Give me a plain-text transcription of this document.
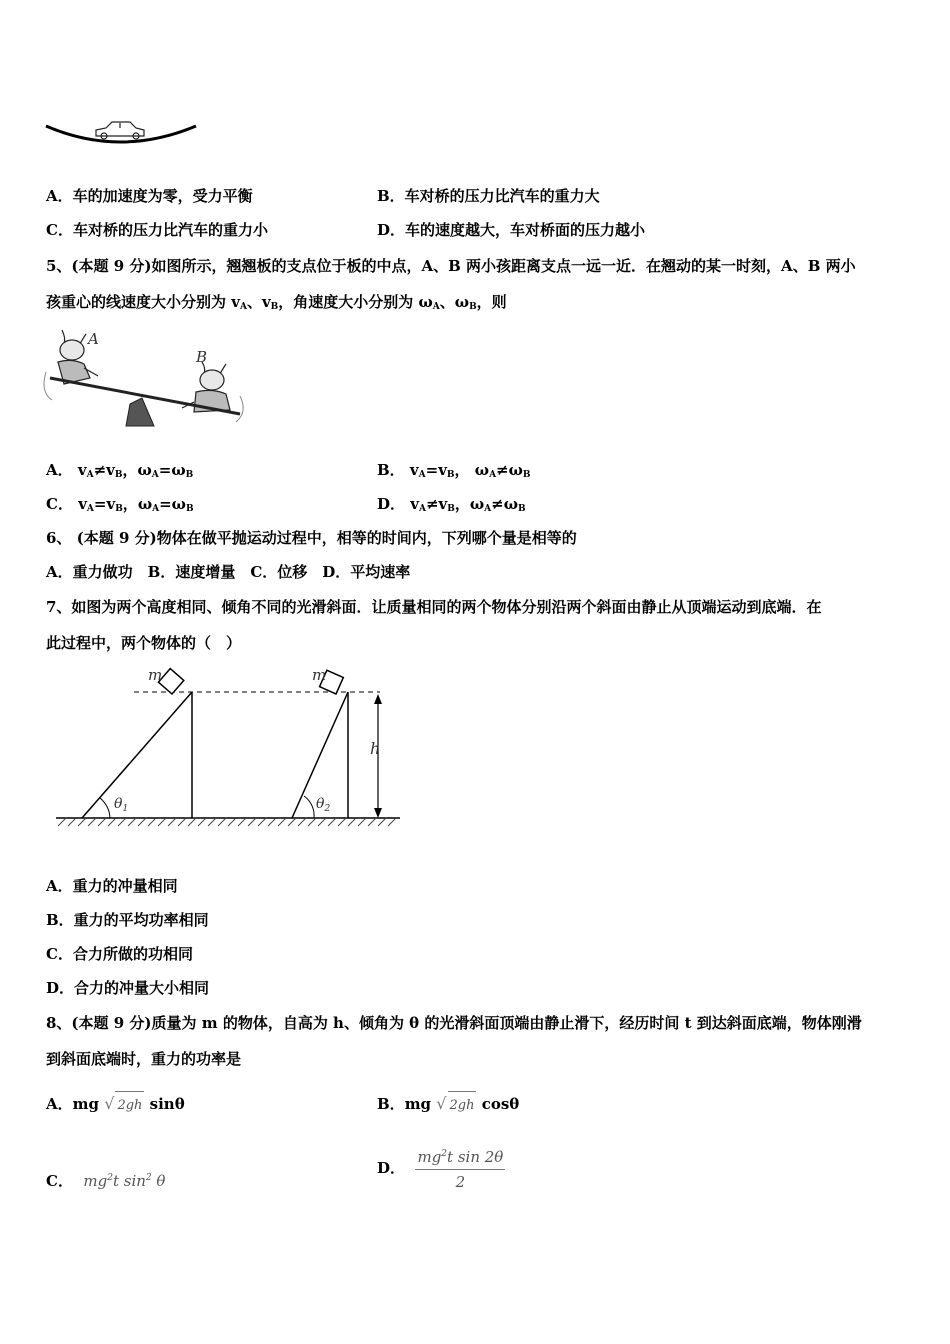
A．车的加速度为零，受力平衡	B．车对桥的压力比汽车的重力大
C．车对桥的压力比汽车的重力小	D．车的速度越大，车对桥面的压力越小
5、(本题 9 分)如图所示，翘翘板的支点位于板的中点，A、B 两小孩距离支点一远一近．在翘动的某一时刻，A、B 两小
孩重心的线速度大小分别为 $v_A$、$v_B$，角速度大小分别为 $\omega_A$、$\omega_B$，则
A
B
A． $v_A\ne v_B$，$\omega_A=\omega_B$	B． $v_A=v_B$， $\omega_A\ne\omega_B$
C． $v_A=v_B$，$\omega_A=\omega_B$	D． $v_A\ne v_B$，$\omega_A\ne\omega_B$
6、 (本题 9 分)物体在做平抛运动过程中，相等的时间内，下列哪个量是相等的
A．重力做功　B．速度增量　C．位移　D．平均速率
7、如图为两个高度相同、倾角不同的光滑斜面．让质量相同的两个物体分别沿两个斜面由静止从顶端运动到底端．在
此过程中，两个物体的（　）
m
$\theta_1$
m
$\theta_2$
h
A．重力的冲量相同
B．重力的平均功率相同
C．合力所做的功相同
D．合力的冲量大小相同
8、(本题 9 分)质量为 m 的物体，自高为 h、倾角为 θ 的光滑斜面顶端由静止滑下，经历时间 t 到达斜面底端，物体刚滑
到斜面底端时，重力的功率是
A．mg √ 2gh sinθ	B．mg √ 2gh cosθ
C． $mg^2t$ $\sin^2 \theta$
D． $\frac{mg^2t \sin 2\theta}{2}$
